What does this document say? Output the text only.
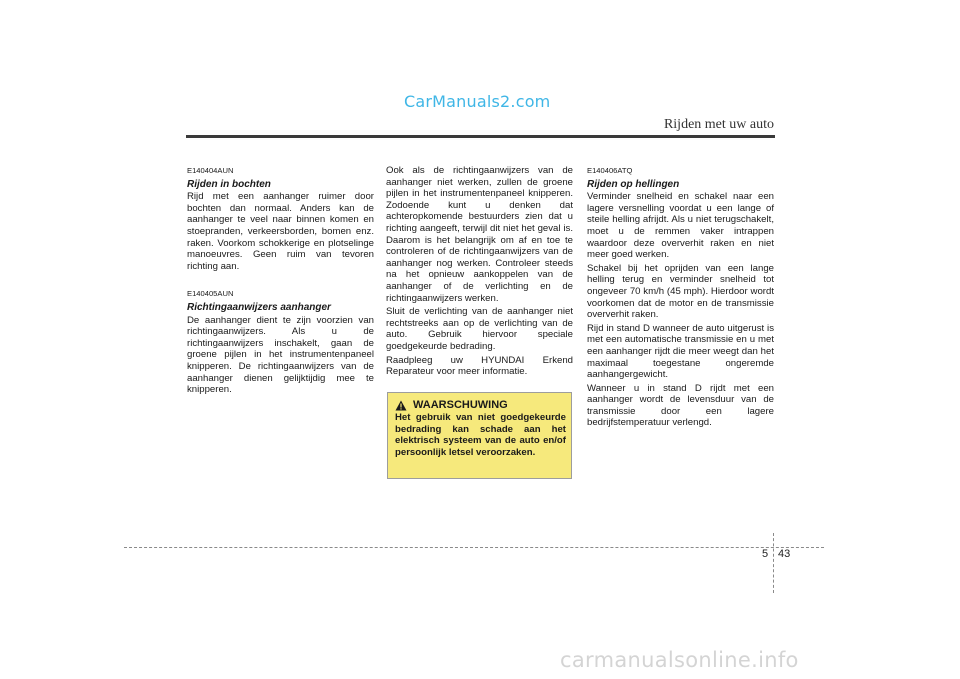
CarManuals2.com
Rijden met uw auto
E140404AUN
Rijden in bochten

Rijd met een aanhanger ruimer door bochten dan normaal. Anders kan de aanhanger te veel naar binnen komen en stoepranden, verkeersborden, bomen enz. raken. Voorkom schokkerige en plotselinge manoeuvres. Geen ruim van tevoren richting aan.

E140405AUN
Richtingaanwijzers aanhanger

De aanhanger dient te zijn voorzien van richtingaanwijzers. Als u de richtingaanwijzers inschakelt, gaan de groene pijlen in het instrumentenpaneel knipperen. De richtingaanwijzers van de aanhanger dienen gelijktijdig mee te knipperen.

Ook als de richtingaanwijzers van de aanhanger niet werken, zullen de groene pijlen in het instrumentenpaneel knipperen. Zodoende kunt u denken dat achteropkomende bestuurders zien dat u richting aangeeft, terwijl dit niet het geval is. Daarom is het belangrijk om af en toe te controleren of de richtingaanwijzers van de aanhanger nog werken. Controleer steeds na het opnieuw aankoppelen van de aanhanger of de verlichting en de richtingaanwijzers werken.

Sluit de verlichting van de aanhanger niet rechtstreeks aan op de verlichting van de auto. Gebruik hiervoor speciale goedgekeurde bedrading.

Raadpleeg uw HYUNDAI Erkend Reparateur voor meer informatie.

WAARSCHUWING
Het gebruik van niet goedgekeurde bedrading kan schade aan het elektrisch systeem van de auto en/of persoonlijk letsel veroorzaken.
E140406ATQ
Rijden op hellingen

Verminder snelheid en schakel naar een lagere versnelling voordat u een lange of steile helling afrijdt. Als u niet terugschakelt, moet u de remmen vaker intrappen waardoor deze oververhit raken en niet meer goed werken.

Schakel bij het oprijden van een lange helling terug en verminder snelheid tot ongeveer 70 km/h (45 mph). Hierdoor wordt voorkomen dat de motor en de transmissie oververhit raken.

Rijd in stand D wanneer de auto uitgerust is met een automatische transmissie en u met een aanhanger rijdt die meer weegt dan het maximaal toegestane ongeremde aanhangergewicht.

Wanneer u in stand D rijdt met een aanhanger wordt de levensduur van de transmissie door een lagere bedrijfstemperatuur verlengd.

5 43
carmanualsonline.info
